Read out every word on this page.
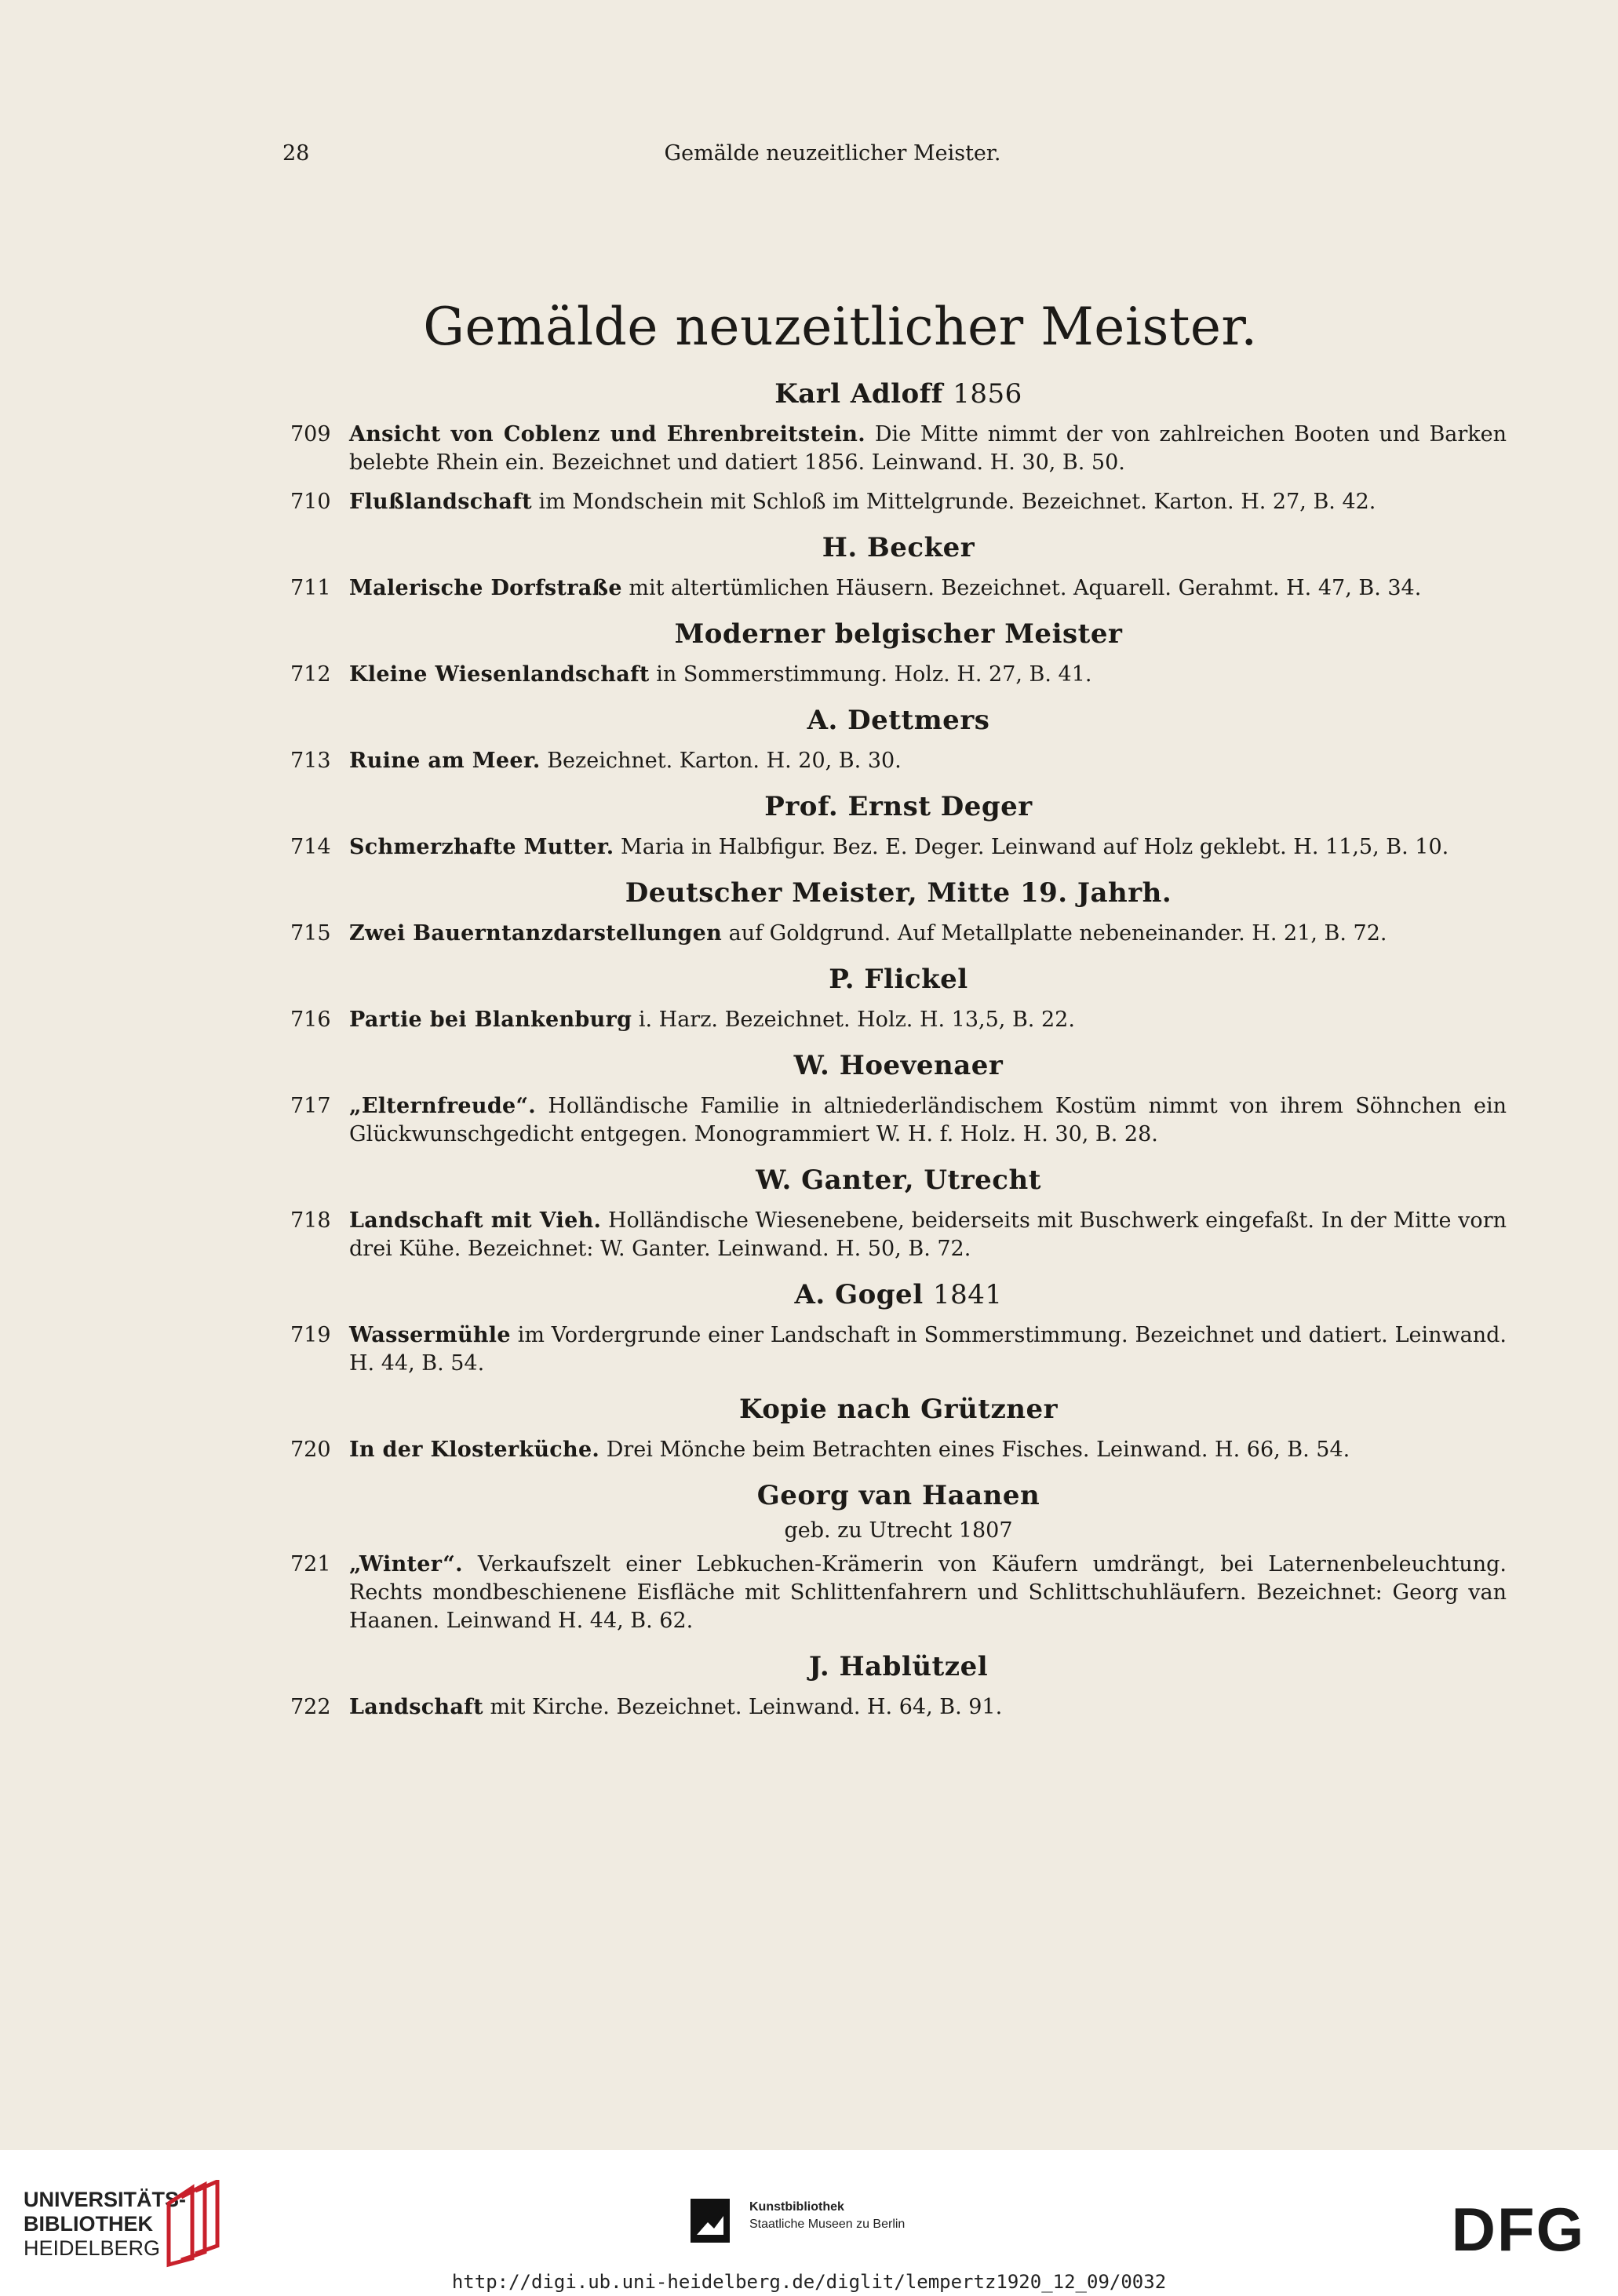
28	Gemälde neuzeitlicher Meister.
Gemälde neuzeitlicher Meister.
Karl Adloff 1856
709 Ansicht von Coblenz und Ehrenbreitstein. Die Mitte nimmt der von zahlreichen Booten und Barken belebte Rhein ein. Bezeichnet und datiert 1856. Leinwand. H. 30, B. 50.
710 Flußlandschaft im Mondschein mit Schloß im Mittelgrunde. Bezeichnet. Karton. H. 27, B. 42.
H. Becker
711 Malerische Dorfstraße mit altertümlichen Häusern. Bezeichnet. Aquarell. Gerahmt. H. 47, B. 34.
Moderner belgischer Meister
712 Kleine Wiesenlandschaft in Sommerstimmung. Holz. H. 27, B. 41.
A. Dettmers
713 Ruine am Meer. Bezeichnet. Karton. H. 20, B. 30.
Prof. Ernst Deger
714 Schmerzhafte Mutter. Maria in Halbfigur. Bez. E. Deger. Leinwand auf Holz geklebt. H. 11,5, B. 10.
Deutscher Meister, Mitte 19. Jahrh.
715 Zwei Bauerntanzdarstellungen auf Goldgrund. Auf Metallplatte nebeneinander. H. 21, B. 72.
P. Flickel
716 Partie bei Blankenburg i. Harz. Bezeichnet. Holz. H. 13,5, B. 22.
W. Hoevenaer
717 „Elternfreude“. Holländische Familie in altniederländischem Kostüm nimmt von ihrem Söhnchen ein Glückwunschgedicht entgegen. Monogrammiert W. H. f. Holz. H. 30, B. 28.
W. Ganter, Utrecht
718 Landschaft mit Vieh. Holländische Wiesenebene, beiderseits mit Buschwerk eingefaßt. In der Mitte vorn drei Kühe. Bezeichnet: W. Ganter. Leinwand. H. 50, B. 72.
A. Gogel 1841
719 Wassermühle im Vordergrunde einer Landschaft in Sommerstimmung. Bezeichnet und datiert. Leinwand. H. 44, B. 54.
Kopie nach Grützner
720 In der Klosterküche. Drei Mönche beim Betrachten eines Fisches. Leinwand. H. 66, B. 54.
Georg van Haanen
geb. zu Utrecht 1807
721 „Winter“. Verkaufszelt einer Lebkuchen-Krämerin von Käufern umdrängt, bei Laternenbeleuchtung. Rechts mondbeschienene Eisfläche mit Schlittenfahrern und Schlittschuhläufern. Bezeichnet: Georg van Haanen. Leinwand H. 44, B. 62.
J. Hablützel
722 Landschaft mit Kirche. Bezeichnet. Leinwand. H. 64, B. 91.
UNIVERSITÄTS-
BIBLIOTHEK
HEIDELBERG
Kunstbibliothek
Staatliche Museen zu Berlin	DFG
http://digi.ub.uni-heidelberg.de/diglit/lempertz1920_12_09/0032
